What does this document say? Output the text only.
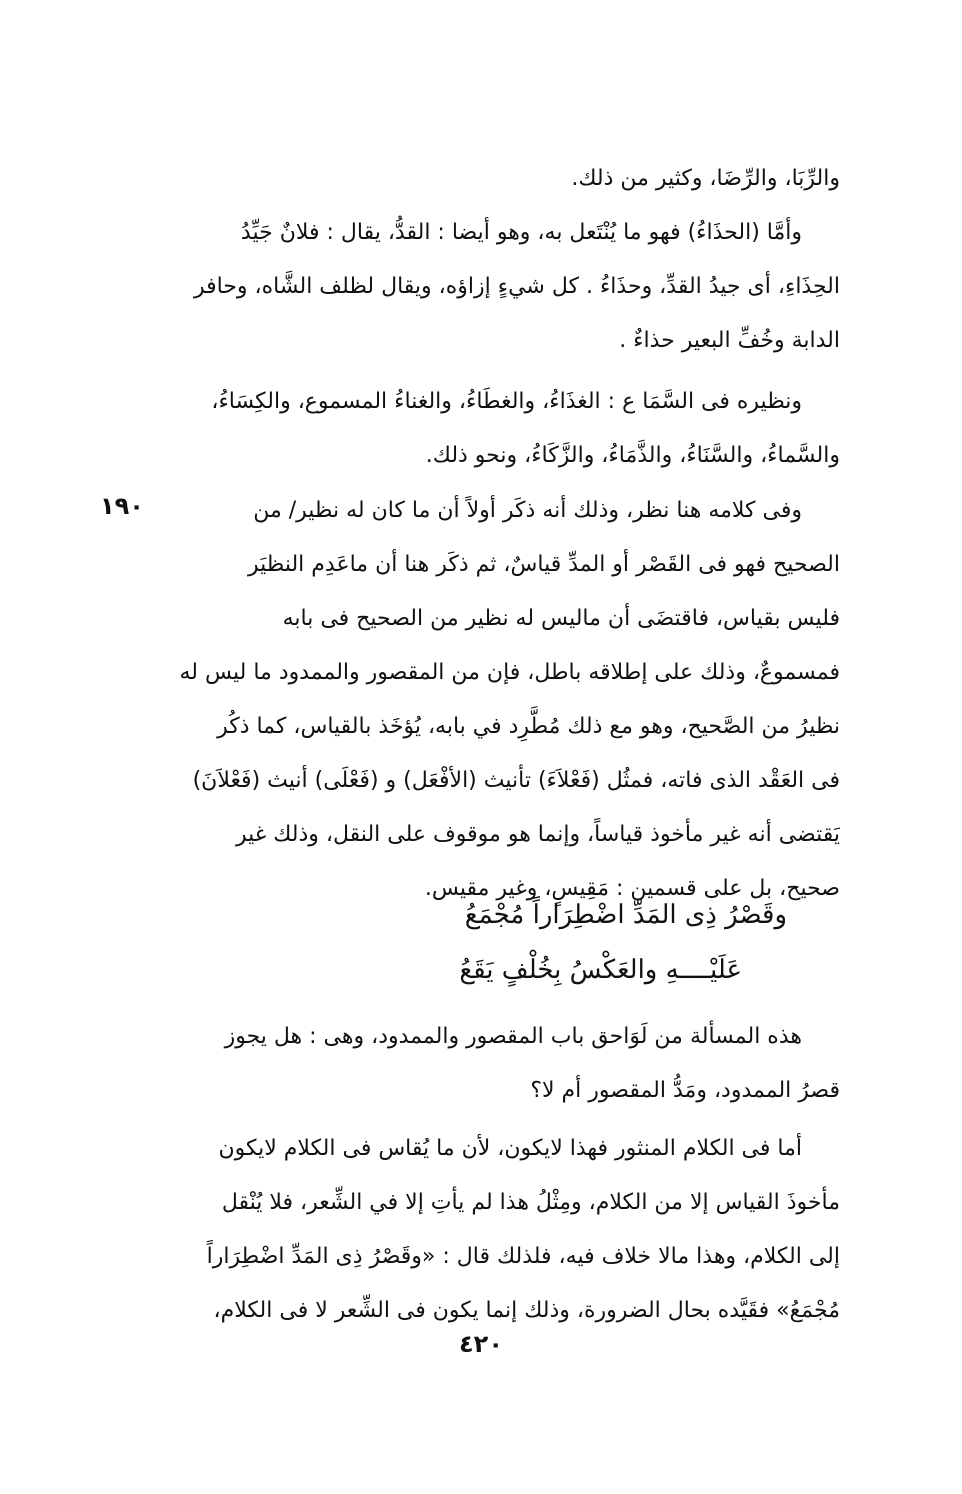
والرِّبَا، والرِّضَا، وكثير من ذلك.

وأمَّا (الحذَاءُ) فهو ما يُنْتَعل به، وهو أيضا : القدُّ، يقال : فلانٌ جَيِّدُ
الحِذَاءِ، أى جيدُ القدِّ، وحذَاءُ . كل شيءٍ إزاؤه، ويقال لظلف الشَّاه، وحافر
الدابة وخُفِّ البعير حذاءٌ .

ونظيره فى السَّمَا ع : الغذَاءُ، والغطَاءُ، والغناءُ المسموع، والكِسَاءُ،
والسَّماءُ، والسَّنَاءُ، والذَّمَاءُ، والزَّكَاءُ، ونحو ذلك.

١٩٠	وفى كلامه هنا نظر، وذلك أنه ذكَر أولاً أن ما كان له نظير/ من
الصحيح فهو فى القَصْر أو المدِّ قياسٌ، ثم ذكَر هنا أن ماعَدِم النظيَر
فليس بقياس، فاقتضَى أن ماليس له نظير من الصحيح فى بابه
فمسموعٌ، وذلك على إطلاقه باطل، فإن من المقصور والممدود ما ليس له
نظيرُ من الصَّحيح، وهو مع ذلك مُطَّرِد في بابه، يُؤخَذ بالقياس، كما ذكُر
فى العَقْد الذى فاته، فمثُل (فَعْلاَءَ) تأنيث (الأفْعَل) و (فَعْلَى) أنيث (فَعْلاَنَ)
يَقتضى أنه غير مأخوذ قياساً، وإنما هو موقوف على النقل، وذلك غير
صحيح، بل على قسمين : مَقِيسٍ، وغير مقيس.

وقَصْرُ ذِى المَدِّ اضْطِرَاراً مُجْمَعُ
عَلَيْــــهِ والعَكْسُ بِخُلْفٍ يَقَعُ

هذه المسألة من لَوَاحق باب المقصور والممدود، وهى : هل يجوز
قصرُ الممدود، ومَدُّ المقصور أم لا؟

أما فى الكلام المنثور فهذا لايكون، لأن ما يُقاس فى الكلام لايكون
مأخوذَ القياس إلا من الكلام، ومِثْلُ هذا لم يأتِ إلا في الشِّعر، فلا يُنْقل
إلى الكلام، وهذا مالا خلاف فيه، فلذلك قال : «وقَصْرُ ذِى المَدِّ اضْطِرَاراً
مُجْمَعُ» فقَيَّده بحال الضرورة، وذلك إنما يكون فى الشِّعر لا فى الكلام،

٤٢٠
